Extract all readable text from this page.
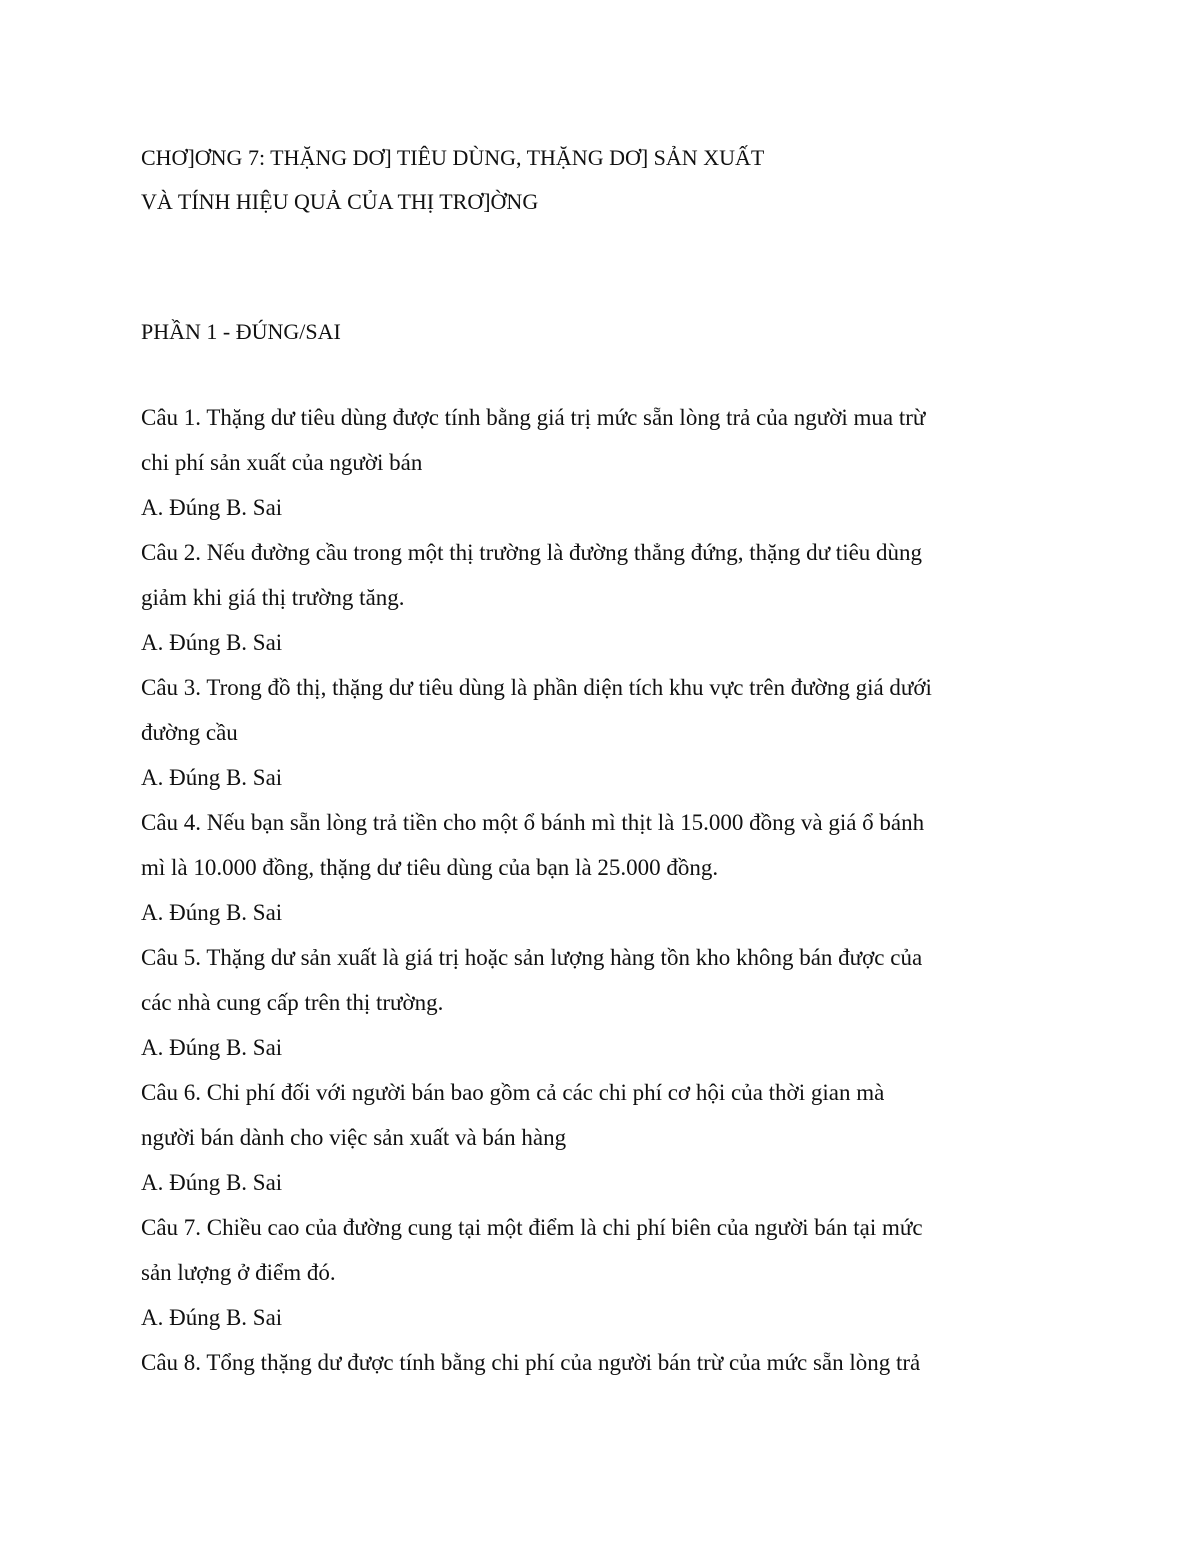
CHƠ]ƠNG 7: THẶNG DƠ] TIÊU DÙNG, THẶNG DƠ] SẢN XUẤT
VÀ TÍNH HIỆU QUẢ CỦA THỊ TRƠ]ỜNG
PHẦN 1 - ĐÚNG/SAI
Câu 1. Thặng dư tiêu dùng được tính bằng giá trị mức sẵn lòng trả của người mua trừ
chi phí sản xuất của người bán
A. Đúng B. Sai
Câu 2. Nếu đường cầu trong một thị trường là đường thẳng đứng, thặng dư tiêu dùng
giảm khi giá thị trường tăng.
A. Đúng B. Sai
Câu 3. Trong đồ thị, thặng dư tiêu dùng là phần diện tích khu vực trên đường giá dưới
đường cầu
A. Đúng B. Sai
Câu 4. Nếu bạn sẵn lòng trả tiền cho một ổ bánh mì thịt là 15.000 đồng và giá ổ bánh
mì là 10.000 đồng, thặng dư tiêu dùng của bạn là 25.000 đồng.
A. Đúng B. Sai
Câu 5. Thặng dư sản xuất là giá trị hoặc sản lượng hàng tồn kho không bán được của
các nhà cung cấp trên thị trường.
A. Đúng B. Sai
Câu 6. Chi phí đối với người bán bao gồm cả các chi phí cơ hội của thời gian mà
người bán dành cho việc sản xuất và bán hàng
A. Đúng B. Sai
Câu 7. Chiều cao của đường cung tại một điểm là chi phí biên của người bán tại mức
sản lượng ở điểm đó.
A. Đúng B. Sai
Câu 8. Tổng thặng dư được tính bằng chi phí của người bán trừ của mức sẵn lòng trả
